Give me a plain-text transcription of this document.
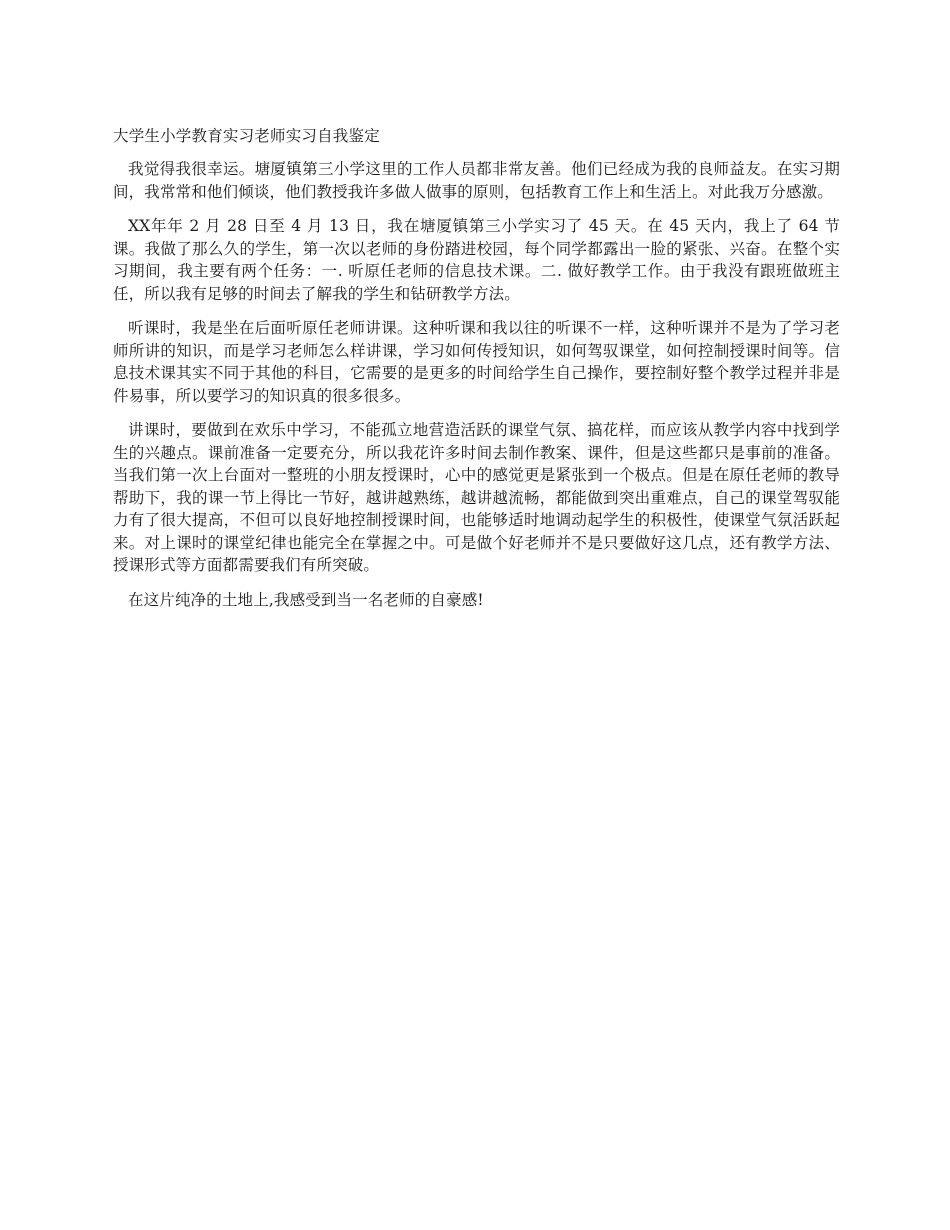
大学生小学教育实习老师实习自我鉴定

我觉得我很幸运。塘厦镇第三小学这里的工作人员都非常友善。他们已经成为我的良师益友。在实习期间，我常常和他们倾谈，他们教授我许多做人做事的原则，包括教育工作上和生活上。对此我万分感激。

XX年年 2 月 28 日至 4 月 13 日，我在塘厦镇第三小学实习了 45 天。在 45 天内，我上了 64 节课。我做了那么久的学生，第一次以老师的身份踏进校园，每个同学都露出一脸的紧张、兴奋。在整个实习期间，我主要有两个任务：一. 听原任老师的信息技术课。二. 做好教学工作。由于我没有跟班做班主任，所以我有足够的时间去了解我的学生和钻研教学方法。

听课时，我是坐在后面听原任老师讲课。这种听课和我以往的听课不一样，这种听课并不是为了学习老师所讲的知识，而是学习老师怎么样讲课，学习如何传授知识，如何驾驭课堂，如何控制授课时间等。信息技术课其实不同于其他的科目，它需要的是更多的时间给学生自己操作，要控制好整个教学过程并非是件易事，所以要学习的知识真的很多很多。

讲课时，要做到在欢乐中学习，不能孤立地营造活跃的课堂气氛、搞花样，而应该从教学内容中找到学生的兴趣点。课前准备一定要充分，所以我花许多时间去制作教案、课件，但是这些都只是事前的准备。当我们第一次上台面对一整班的小朋友授课时，心中的感觉更是紧张到一个极点。但是在原任老师的教导帮助下，我的课一节上得比一节好，越讲越熟练，越讲越流畅，都能做到突出重难点，自己的课堂驾驭能力有了很大提高，不但可以良好地控制授课时间，也能够适时地调动起学生的积极性，使课堂气氛活跃起来。对上课时的课堂纪律也能完全在掌握之中。可是做个好老师并不是只要做好这几点，还有教学方法、授课形式等方面都需要我们有所突破。

在这片纯净的土地上,我感受到当一名老师的自豪感!
